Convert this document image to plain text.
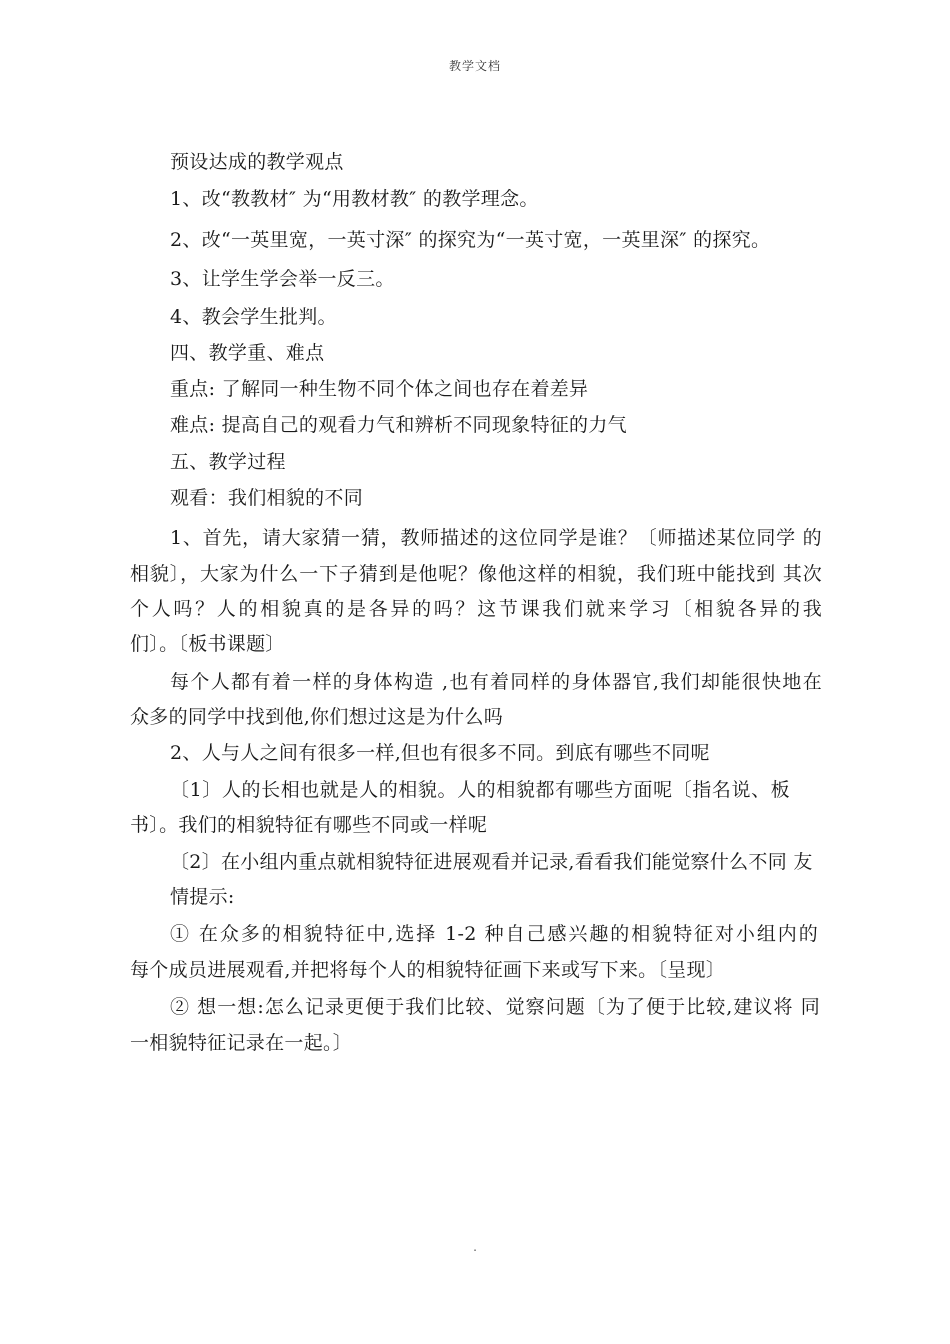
教学文档
预设达成的教学观点
1、改“教教材″ 为“用教材教″ 的教学理念。
2、改“一英里宽，一英寸深″ 的探究为“一英寸宽，一英里深″ 的探究。
3、让学生学会举一反三。
4、教会学生批判。
四、教学重、难点
重点: 了解同一种生物不同个体之间也存在着差异
难点: 提高自己的观看力气和辨析不同现象特征的力气
五、教学过程
观看：我们相貌的不同
1、首先，请大家猜一猜，教师描述的这位同学是谁？〔师描述某位同学 的
相貌〕，大家为什么一下子猜到是他呢？像他这样的相貌，我们班中能找到 其次
个人吗？人的相貌真的是各异的吗？这节课我们就来学习〔相貌各异的我
们〕。〔板书课题〕
每个人都有着一样的身体构造 ,也有着同样的身体器官,我们却能很快地在
众多的同学中找到他,你们想过这是为什么吗
2、人与人之间有很多一样,但也有很多不同。到底有哪些不同呢
〔1〕人的长相也就是人的相貌。人的相貌都有哪些方面呢〔指名说、板
书〕。我们的相貌特征有哪些不同或一样呢
〔2〕在小组内重点就相貌特征进展观看并记录,看看我们能觉察什么不同 友
情提示:
① 在众多的相貌特征中,选择 1-2 种自己感兴趣的相貌特征对小组内的
每个成员进展观看,并把将每个人的相貌特征画下来或写下来。〔呈现〕
② 想一想:怎么记录更便于我们比较、觉察问题〔为了便于比较,建议将 同
一相貌特征记录在一起。〕
.
